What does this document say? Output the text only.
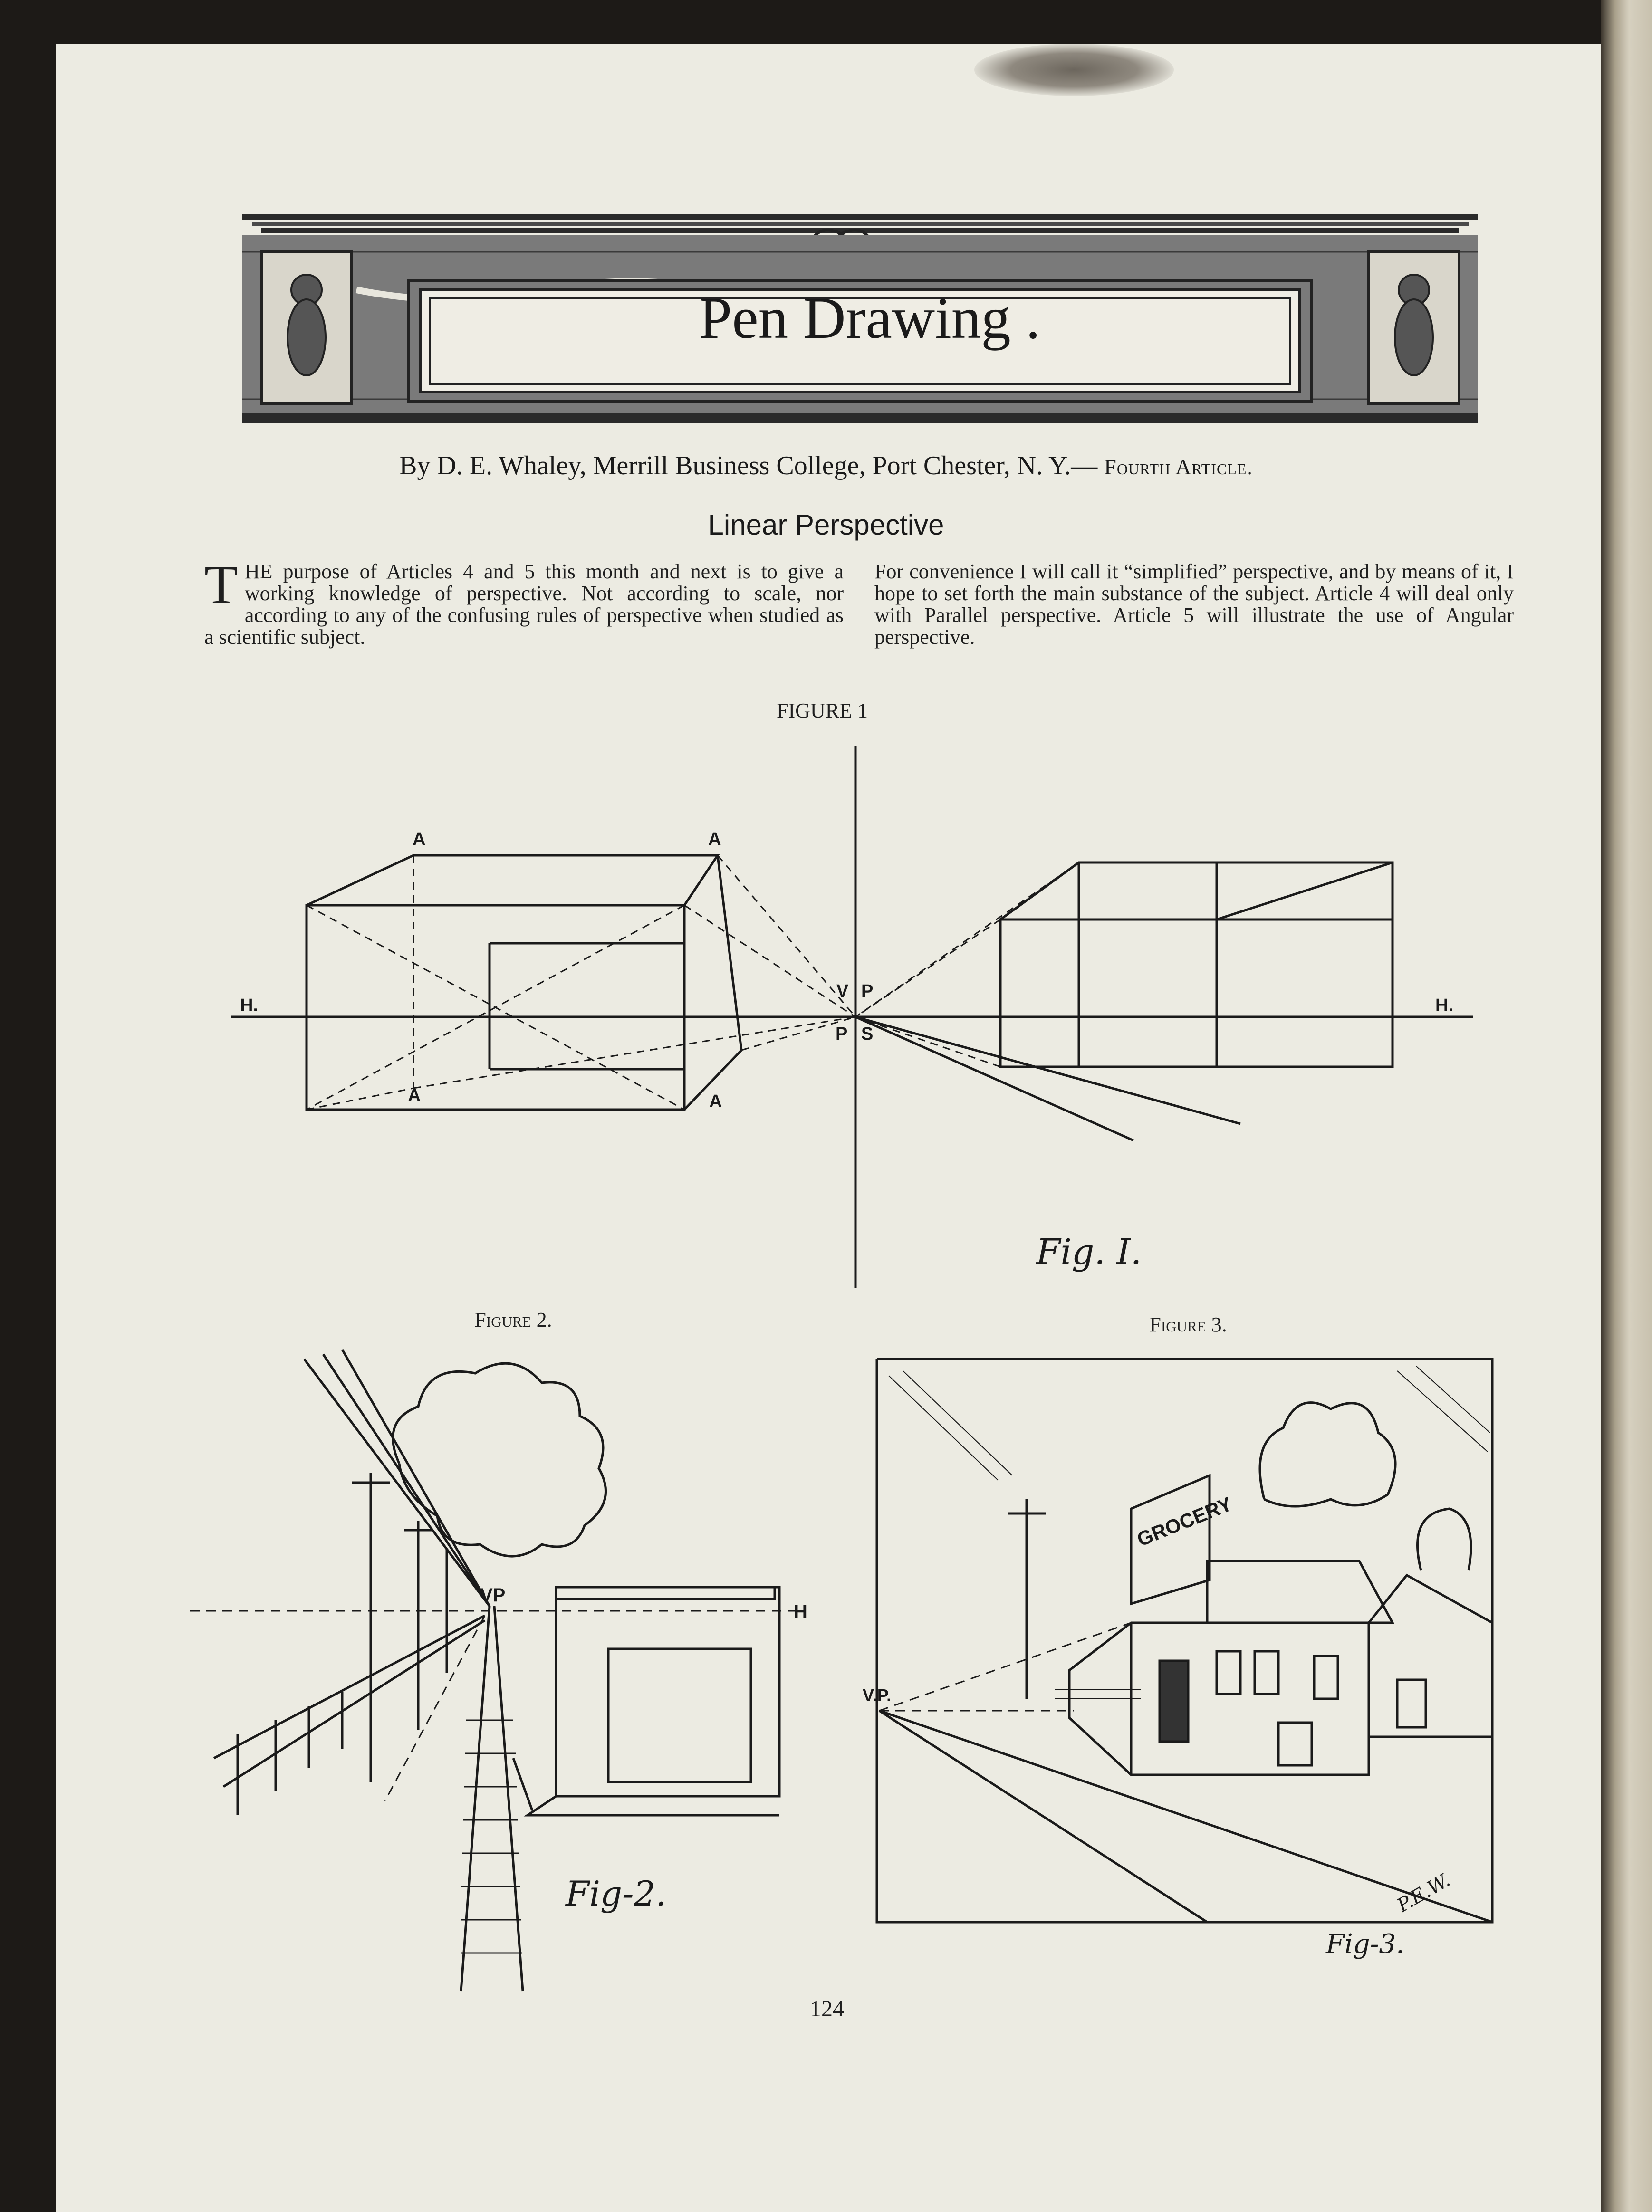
Pen Drawing .
By D. E. Whaley, Merrill Business College, Port Chester, N. Y.— Fourth Article.
Linear Perspective
T HE purpose of Articles 4 and 5 this month and next is to give a working knowledge of perspective. Not according to scale, nor according to any of the confusing rules of perspective when studied as a scientific subject.
For convenience I will call it “simplified” perspective, and by means of it, I hope to set forth the main substance of the subject. Article 4 will deal only with Parallel perspective. Article 5 will illustrate the use of Angular perspective.
FIGURE 1
H.	H.
A	A
A	A
V P
P S
Fig. I.
Figure 2.
VP
H
Fig-2.
Figure 3.
GROCERY
V.P.
P.E.W.
Fig-3.
124
